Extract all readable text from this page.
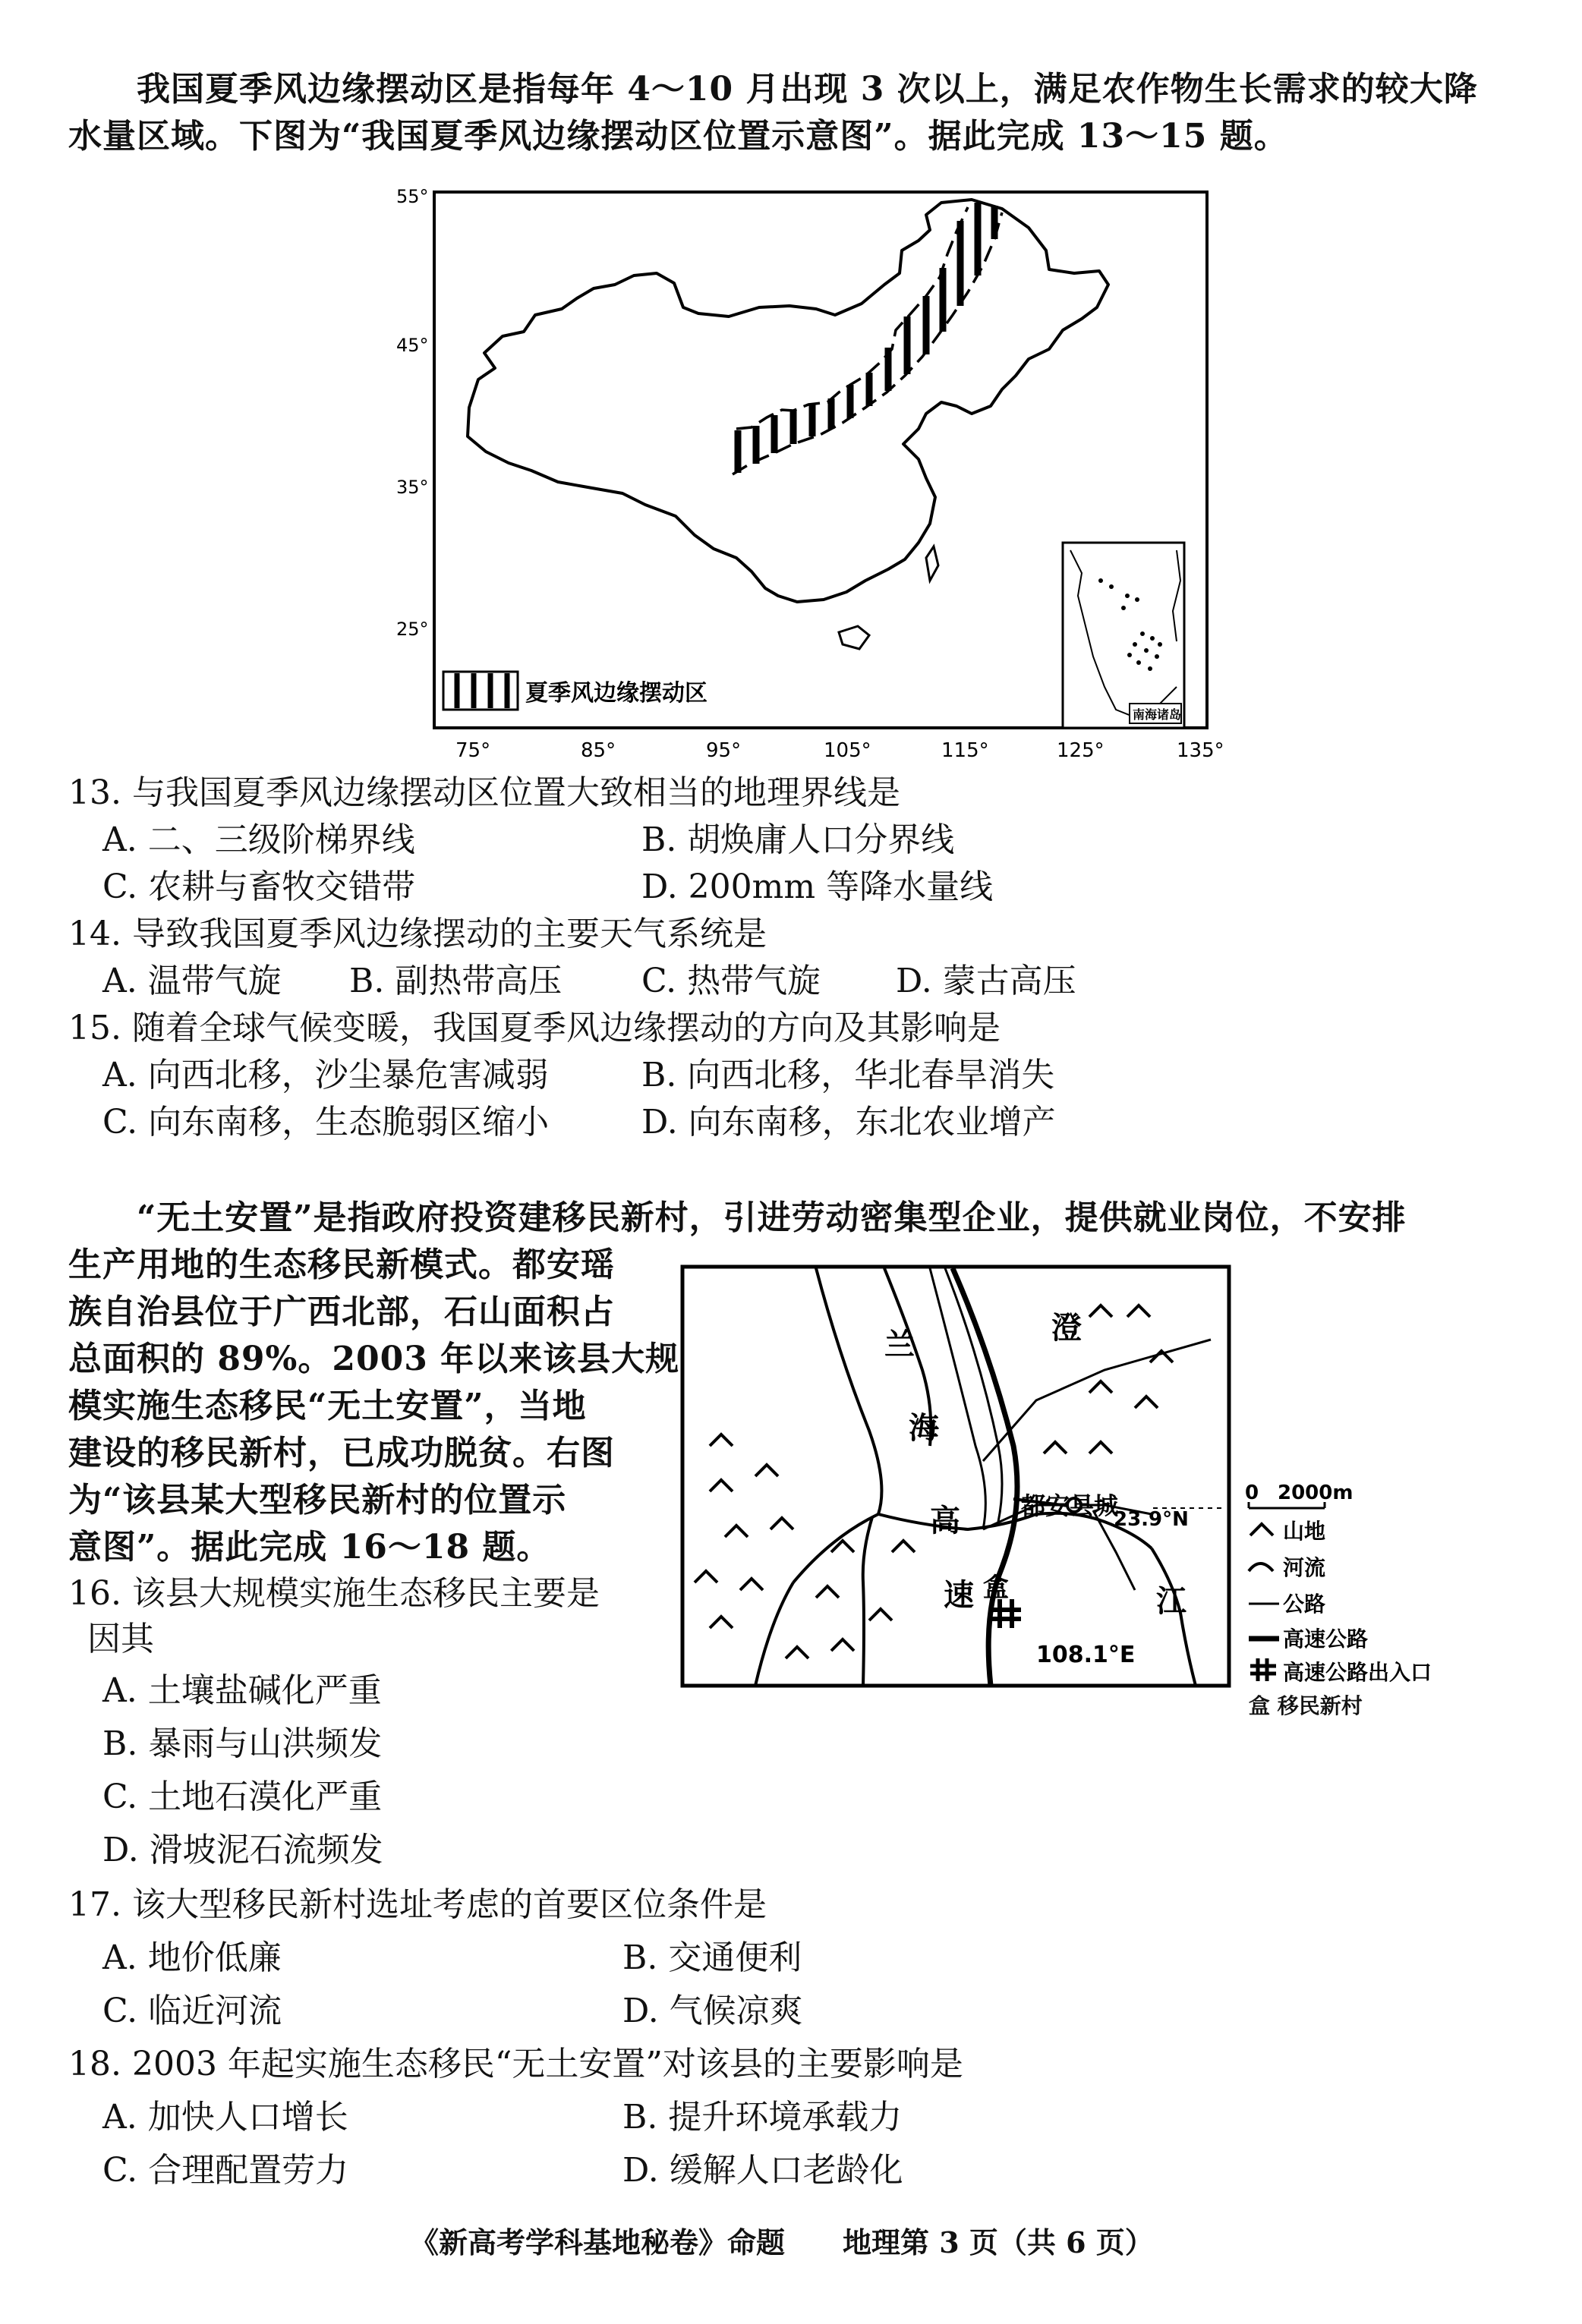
我国夏季风边缘摆动区是指每年 4～10 月出现 3 次以上，满足农作物生长需求的较大降
水量区域。下图为“我国夏季风边缘摆动区位置示意图”。据此完成 13～15 题。
55°
45°
35°
25°
75°	85°	95°	105°	115°	125°	135°
夏季风边缘摆动区
南海诸岛
13. 与我国夏季风边缘摆动区位置大致相当的地理界线是
A. 二、三级阶梯界线	B. 胡焕庸人口分界线
C. 农耕与畜牧交错带	D. 200mm 等降水量线
14. 导致我国夏季风边缘摆动的主要天气系统是
A. 温带气旋 B. 副热带高压 C. 热带气旋 D. 蒙古高压
15. 随着全球气候变暖，我国夏季风边缘摆动的方向及其影响是
A. 向西北移，沙尘暴危害减弱	B. 向西北移，华北春旱消失
C. 向东南移，生态脆弱区缩小	D. 向东南移，东北农业增产
“无土安置”是指政府投资建移民新村，引进劳动密集型企业，提供就业岗位，不安排
生产用地的生态移民新模式。都安瑶
族自治县位于广西北部，石山面积占
总面积的 89%。2003 年以来该县大规
模实施生态移民“无土安置”，当地
建设的移民新村，已成功脱贫。右图
为“该县某大型移民新村的位置示
意图”。据此完成 16～18 题。
兰
海
高
速
澄
江
都安县城
23.9°N
108.1°E
盒
0 2000m
山地
河流
公路
高速公路
高速公路出入口
盒 移民新村
16. 该县大规模实施生态移民主要是
因其
A. 土壤盐碱化严重
B. 暴雨与山洪频发
C. 土地石漠化严重
D. 滑坡泥石流频发
17. 该大型移民新村选址考虑的首要区位条件是
A. 地价低廉	B. 交通便利
C. 临近河流	D. 气候凉爽
18. 2003 年起实施生态移民“无土安置”对该县的主要影响是
A. 加快人口增长	B. 提升环境承载力
C. 合理配置劳力	D. 缓解人口老龄化
《新高考学科基地秘卷》命题　　地理第 3 页（共 6 页）
